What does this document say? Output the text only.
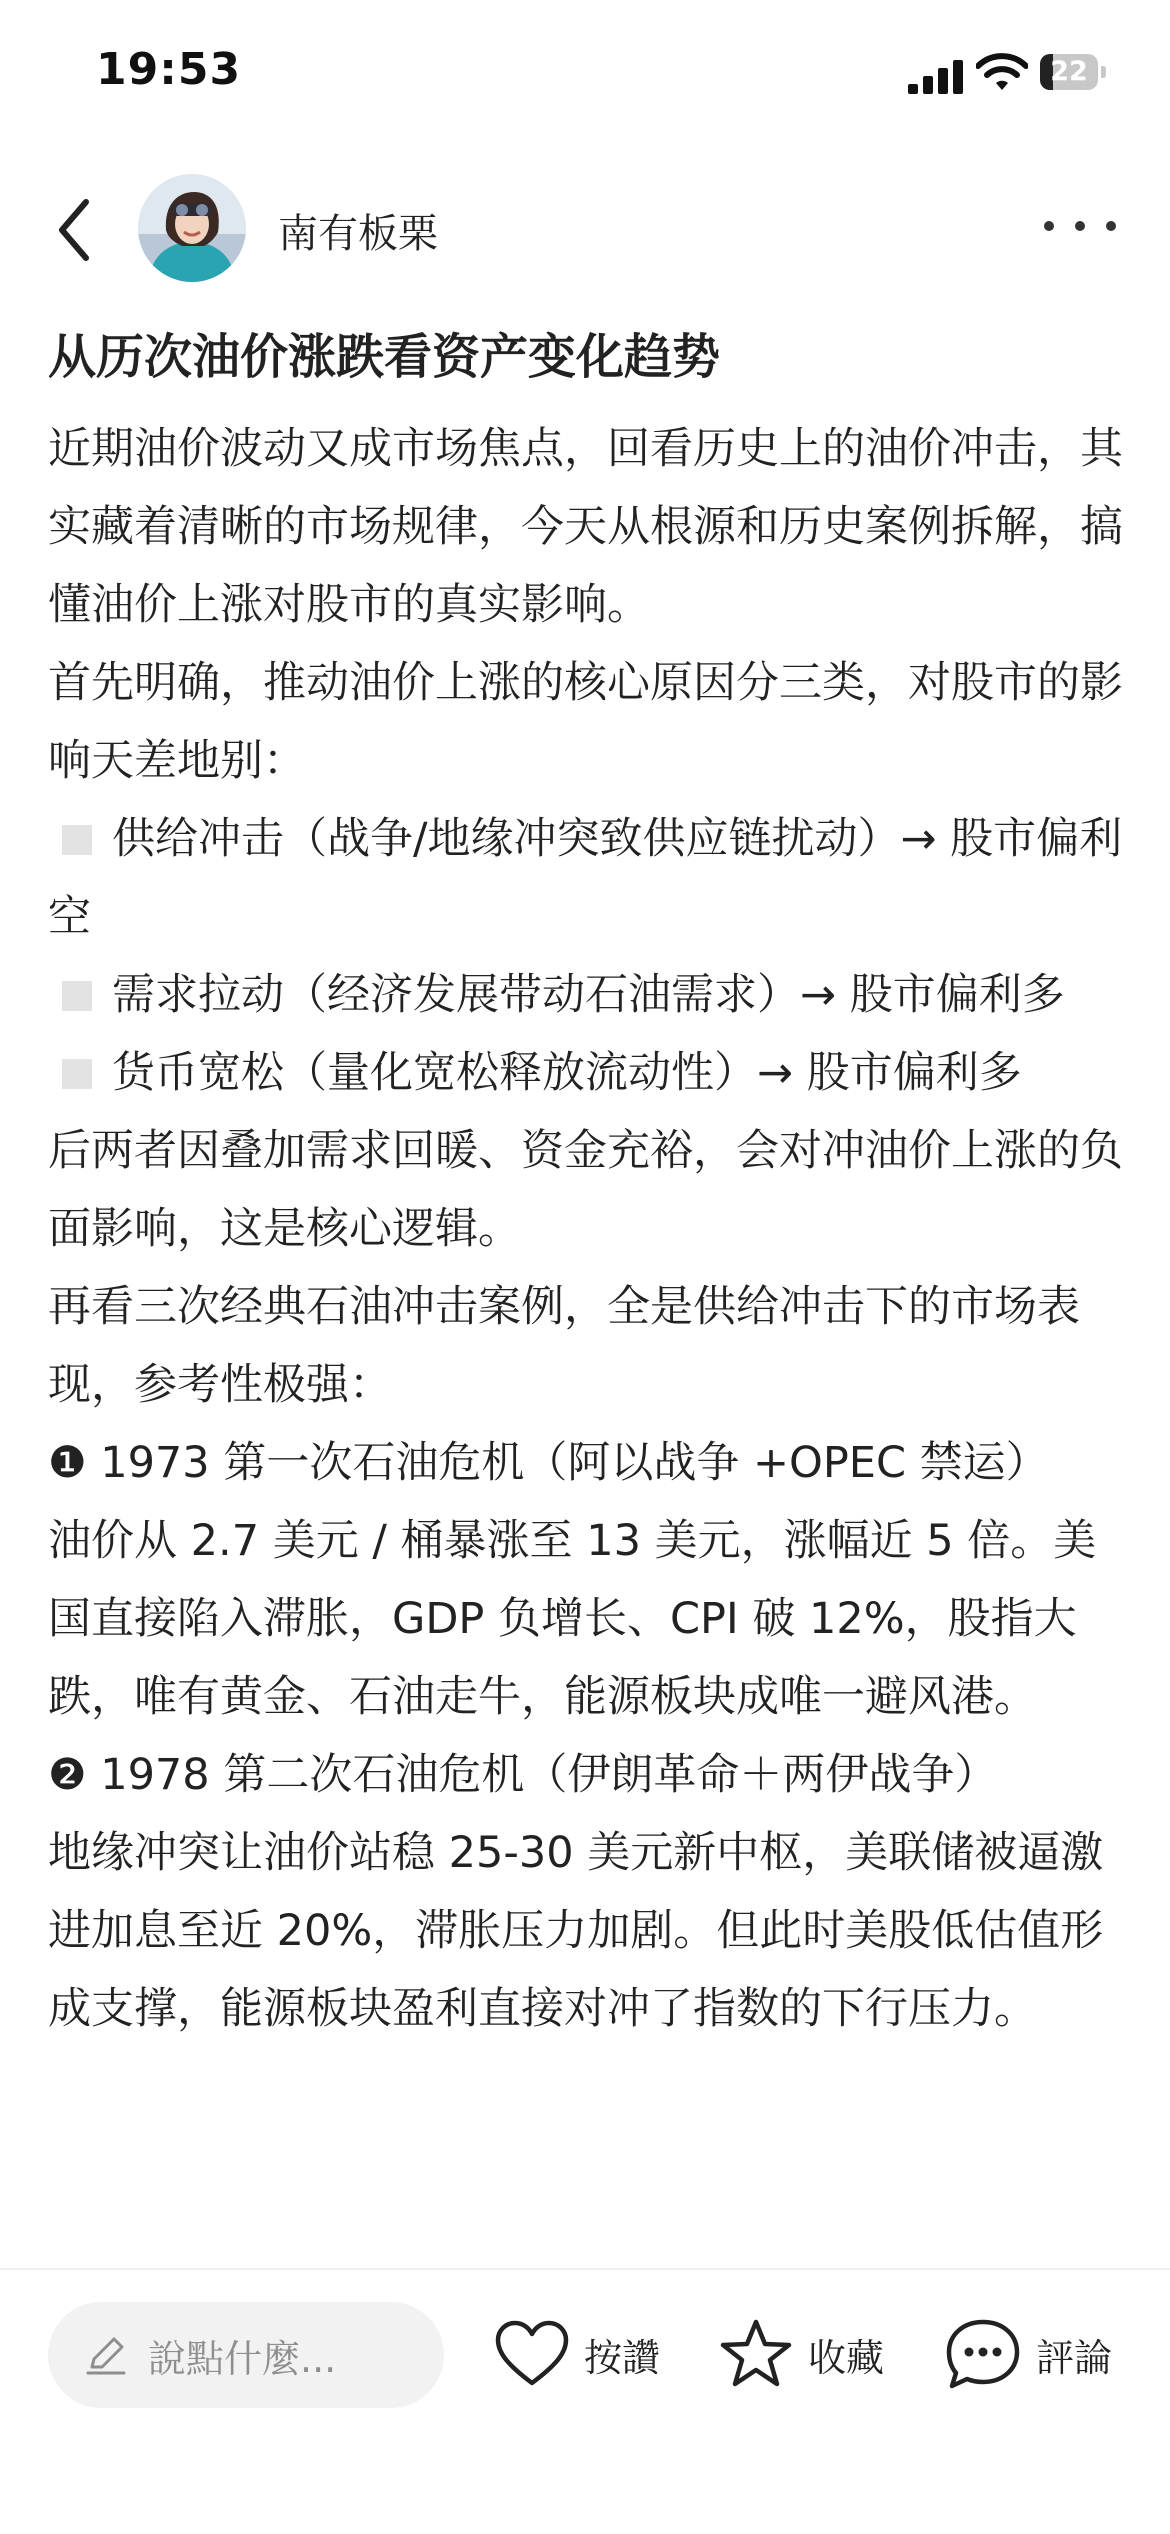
19:53	22
南有板栗
从历次油价涨跌看资产变化趋势

近期油价波动又成市场焦点，回看历史上的油价冲击，其实藏着清晰的市场规律，今天从根源和历史案例拆解，搞懂油价上涨对股市的真实影响。

首先明确，推动油价上涨的核心原因分三类，对股市的影响天差地别：

供给冲击（战争/地缘冲突致供应链扰动）→ 股市偏利空

需求拉动（经济发展带动石油需求）→ 股市偏利多

货币宽松（量化宽松释放流动性）→ 股市偏利多

后两者因叠加需求回暖、资金充裕，会对冲油价上涨的负面影响，这是核心逻辑。

再看三次经典石油冲击案例，全是供给冲击下的市场表现，参考性极强：

❶ 1973 第一次石油危机（阿以战争 +OPEC 禁运）

油价从 2.7 美元 / 桶暴涨至 13 美元，涨幅近 5 倍。美国直接陷入滞胀，GDP 负增长、CPI 破 12%，股指大跌，唯有黄金、石油走牛，能源板块成唯一避风港。

❷ 1978 第二次石油危机（伊朗革命＋两伊战争）

地缘冲突让油价站稳 25-30 美元新中枢，美联储被逼激进加息至近 20%，滞胀压力加剧。但此时美股低估值形成支撑，能源板块盈利直接对冲了指数的下行压力。

說點什麼...	按讚	收藏	評論
